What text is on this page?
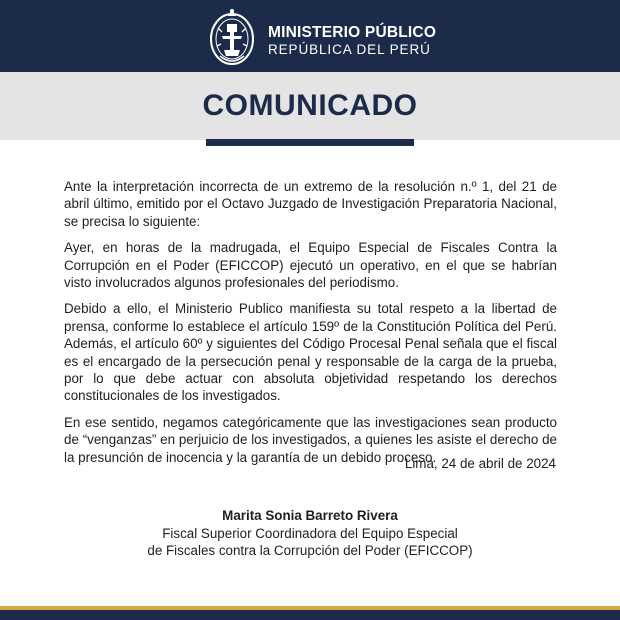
MINISTERIO PÚBLICO
REPÚBLICA DEL PERÚ
COMUNICADO

Ante la interpretación incorrecta de un extremo de la resolución n.º 1, del 21 de abril último, emitido por el Octavo Juzgado de Investigación Preparatoria Nacional, se precisa lo siguiente:

Ayer, en horas de la madrugada, el Equipo Especial de Fiscales Contra la Corrupción en el Poder (EFICCOP) ejecutó un operativo, en el que se habrían visto involucrados algunos profesionales del periodismo.

Debido a ello, el Ministerio Publico manifiesta su total respeto a la libertad de prensa, conforme lo establece el artículo 159º de la Constitución Política del Perú. Además, el artículo 60º y siguientes del Código Procesal Penal señala que el fiscal es el encargado de la persecución penal y responsable de la carga de la prueba, por lo que debe actuar con absoluta objetividad respetando los derechos constitucionales de los investigados.

En ese sentido, negamos categóricamente que las investigaciones sean producto de “venganzas” en perjuicio de los investigados, a quienes les asiste el derecho de la presunción de inocencia y la garantía de un debido proceso.

Lima, 24 de abril de 2024
Marita Sonia Barreto Rivera
Fiscal Superior Coordinadora del Equipo Especial
de Fiscales contra la Corrupción del Poder (EFICCOP)
